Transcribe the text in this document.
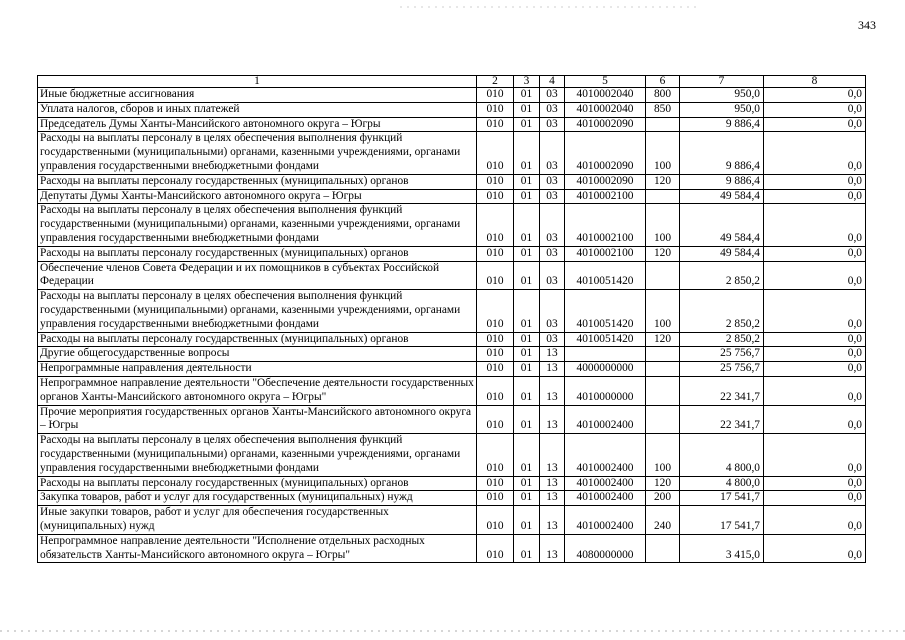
343
1	2	3	4	5	6	7	8
Иные бюджетные ассигнования	010	01	03	4010002040	800	950,0	0,0
Уплата налогов, сборов и иных платежей	010	01	03	4010002040	850	950,0	0,0
Председатель Думы Ханты-Мансийского автономного округа – Югры	010	01	03	4010002090		9 886,4	0,0
Расходы на выплаты персоналу в целях обеспечения выполнения функций государственными (муниципальными) органами, казенными учреждениями, органами управления государственными внебюджетными фондами	010	01	03	4010002090	100	9 886,4	0,0
Расходы на выплаты персоналу государственных (муниципальных) органов	010	01	03	4010002090	120	9 886,4	0,0
Депутаты Думы Ханты-Мансийского автономного округа – Югры	010	01	03	4010002100		49 584,4	0,0
Расходы на выплаты персоналу в целях обеспечения выполнения функций государственными (муниципальными) органами, казенными учреждениями, органами управления государственными внебюджетными фондами	010	01	03	4010002100	100	49 584,4	0,0
Расходы на выплаты персоналу государственных (муниципальных) органов	010	01	03	4010002100	120	49 584,4	0,0
Обеспечение членов Совета Федерации и их помощников в субъектах Российской Федерации	010	01	03	4010051420		2 850,2	0,0
Расходы на выплаты персоналу в целях обеспечения выполнения функций государственными (муниципальными) органами, казенными учреждениями, органами управления государственными внебюджетными фондами	010	01	03	4010051420	100	2 850,2	0,0
Расходы на выплаты персоналу государственных (муниципальных) органов	010	01	03	4010051420	120	2 850,2	0,0
Другие общегосударственные вопросы	010	01	13			25 756,7	0,0
Непрограммные направления деятельности	010	01	13	4000000000		25 756,7	0,0
Непрограммное направление деятельности "Обеспечение деятельности государственных органов Ханты-Мансийского автономного округа – Югры"	010	01	13	4010000000		22 341,7	0,0
Прочие мероприятия государственных органов Ханты-Мансийского автономного округа – Югры	010	01	13	4010002400		22 341,7	0,0
Расходы на выплаты персоналу в целях обеспечения выполнения функций государственными (муниципальными) органами, казенными учреждениями, органами управления государственными внебюджетными фондами	010	01	13	4010002400	100	4 800,0	0,0
Расходы на выплаты персоналу государственных (муниципальных) органов	010	01	13	4010002400	120	4 800,0	0,0
Закупка товаров, работ и услуг для государственных (муниципальных) нужд	010	01	13	4010002400	200	17 541,7	0,0
Иные закупки товаров, работ и услуг для обеспечения государственных (муниципальных) нужд	010	01	13	4010002400	240	17 541,7	0,0
Непрограммное направление деятельности "Исполнение отдельных расходных обязательств Ханты-Мансийского автономного округа – Югры"	010	01	13	4080000000		3 415,0	0,0
